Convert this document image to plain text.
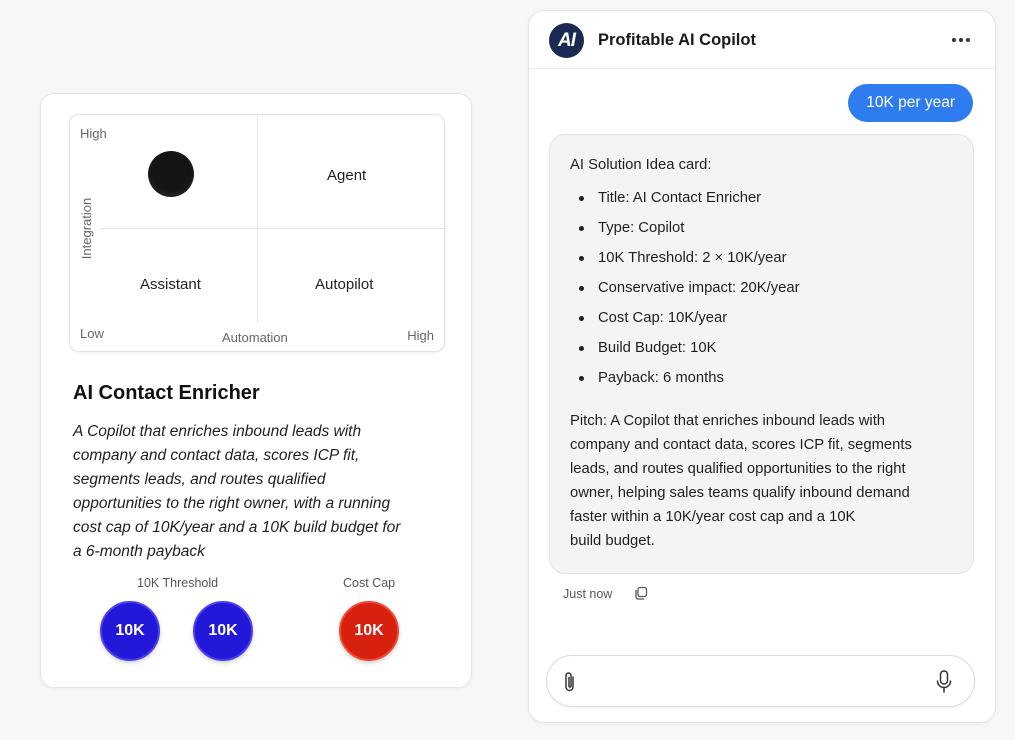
High
Integration
Low	Automation	High
Agent
Assistant	Autopilot
AI Contact Enricher
A Copilot that enriches inbound leads with company and contact data, scores ICP fit, segments leads, and routes qualified opportunities to the right owner, with a running cost cap of 10K/year and a 10K build budget for a 6-month payback
10K Threshold	Cost Cap
10K	10K	10K
AI	Profitable AI Copilot
10K per year
AI Solution Idea card:
Title: AI Contact Enricher
Type: Copilot
10K Threshold: 2 × 10K/year
Conservative impact: 20K/year
Cost Cap: 10K/year
Build Budget: 10K
Payback: 6 months
Pitch: A Copilot that enriches inbound leads with
company and contact data, scores ICP fit, segments
leads, and routes qualified opportunities to the right
owner, helping sales teams qualify inbound demand
faster within a 10K/year cost cap and a 10K
build budget.
Just now
